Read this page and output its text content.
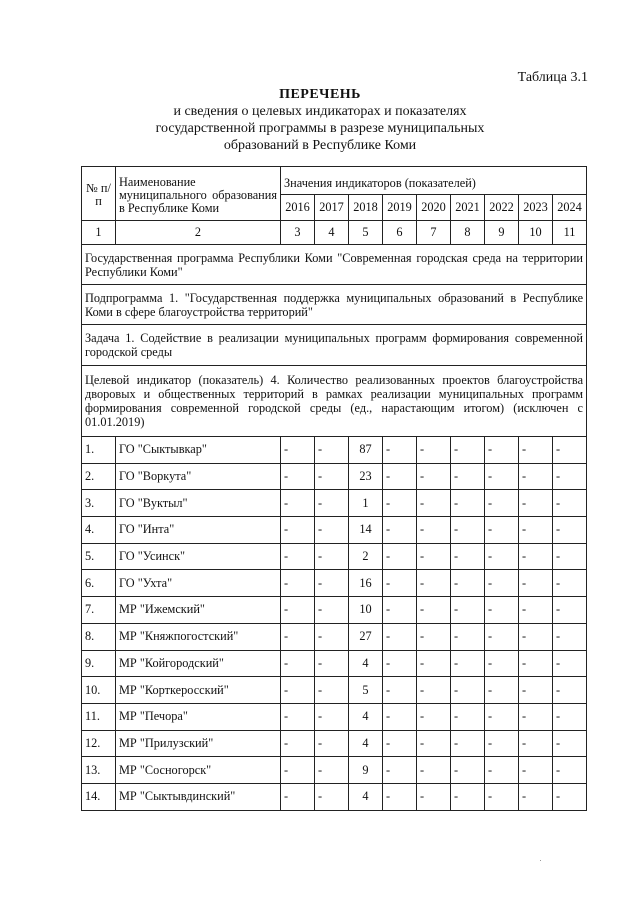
Таблица 3.1
ПЕРЕЧЕНЬ
и сведения о целевых индикаторах и показателях
государственной программы в разрезе муниципальных
образований в Республике Коми
№ п/п	Наименование муниципального образования в Республике Коми	Значения индикаторов (показателей)								
		2016	2017	2018	2019	2020	2021	2022	2023	2024
1	2	3	4	5	6	7	8	9	10	11
Государственная программа Республики Коми "Современная городская среда на территории Республики Коми"										
Подпрограмма 1. "Государственная поддержка муниципальных образований в Республике Коми в сфере благоустройства территорий"										
Задача 1. Содействие в реализации муниципальных программ формирования современной городской среды										
Целевой индикатор (показатель) 4. Количество реализованных проектов благоустройства дворовых и общественных территорий в рамках реализации муниципальных программ формирования современной городской среды (ед., нарастающим итогом) (исключен с 01.01.2019)										
1.	ГО "Сыктывкар"	-	-	87	-	-	-	-	-	-
2.	ГО "Воркута"	-	-	23	-	-	-	-	-	-
3.	ГО "Вуктыл"	-	-	1	-	-	-	-	-	-
4.	ГО "Инта"	-	-	14	-	-	-	-	-	-
5.	ГО "Усинск"	-	-	2	-	-	-	-	-	-
6.	ГО "Ухта"	-	-	16	-	-	-	-	-	-
7.	МР "Ижемский"	-	-	10	-	-	-	-	-	-
8.	МР "Княжпогостский"	-	-	27	-	-	-	-	-	-
9.	МР "Койгородский"	-	-	4	-	-	-	-	-	-
10.	МР "Корткеросский"	-	-	5	-	-	-	-	-	-
11.	МР "Печора"	-	-	4	-	-	-	-	-	-
12.	МР "Прилузский"	-	-	4	-	-	-	-	-	-
13.	МР "Сосногорск"	-	-	9	-	-	-	-	-	-
14.	МР "Сыктывдинский"	-	-	4	-	-	-	-	-	-
